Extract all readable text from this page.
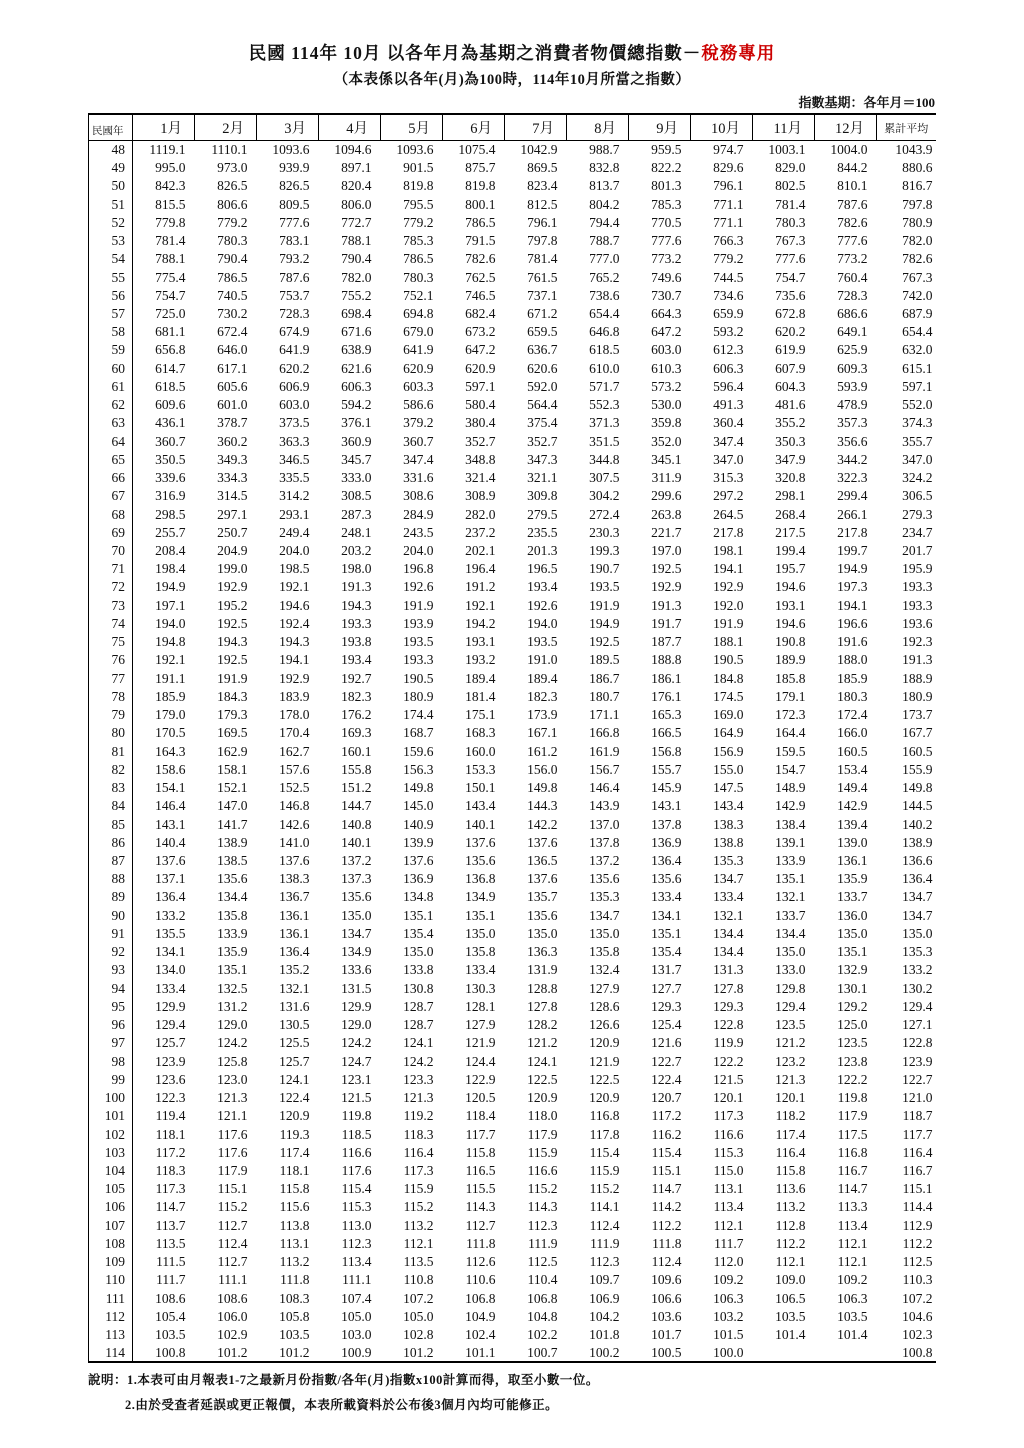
民國 114年 10月 以各年月為基期之消費者物價總指數－稅務專用
（本表係以各年(月)為100時，114年10月所當之指數）
指數基期：各年月＝100
民國年	1月	2月	3月	4月	5月	6月	7月	8月	9月	10月	11月	12月	累計平均
48	1119.1	1110.1	1093.6	1094.6	1093.6	1075.4	1042.9	988.7	959.5	974.7	1003.1	1004.0	1043.9
49	995.0	973.0	939.9	897.1	901.5	875.7	869.5	832.8	822.2	829.6	829.0	844.2	880.6
50	842.3	826.5	826.5	820.4	819.8	819.8	823.4	813.7	801.3	796.1	802.5	810.1	816.7
51	815.5	806.6	809.5	806.0	795.5	800.1	812.5	804.2	785.3	771.1	781.4	787.6	797.8
52	779.8	779.2	777.6	772.7	779.2	786.5	796.1	794.4	770.5	771.1	780.3	782.6	780.9
53	781.4	780.3	783.1	788.1	785.3	791.5	797.8	788.7	777.6	766.3	767.3	777.6	782.0
54	788.1	790.4	793.2	790.4	786.5	782.6	781.4	777.0	773.2	779.2	777.6	773.2	782.6
55	775.4	786.5	787.6	782.0	780.3	762.5	761.5	765.2	749.6	744.5	754.7	760.4	767.3
56	754.7	740.5	753.7	755.2	752.1	746.5	737.1	738.6	730.7	734.6	735.6	728.3	742.0
57	725.0	730.2	728.3	698.4	694.8	682.4	671.2	654.4	664.3	659.9	672.8	686.6	687.9
58	681.1	672.4	674.9	671.6	679.0	673.2	659.5	646.8	647.2	593.2	620.2	649.1	654.4
59	656.8	646.0	641.9	638.9	641.9	647.2	636.7	618.5	603.0	612.3	619.9	625.9	632.0
60	614.7	617.1	620.2	621.6	620.9	620.9	620.6	610.0	610.3	606.3	607.9	609.3	615.1
61	618.5	605.6	606.9	606.3	603.3	597.1	592.0	571.7	573.2	596.4	604.3	593.9	597.1
62	609.6	601.0	603.0	594.2	586.6	580.4	564.4	552.3	530.0	491.3	481.6	478.9	552.0
63	436.1	378.7	373.5	376.1	379.2	380.4	375.4	371.3	359.8	360.4	355.2	357.3	374.3
64	360.7	360.2	363.3	360.9	360.7	352.7	352.7	351.5	352.0	347.4	350.3	356.6	355.7
65	350.5	349.3	346.5	345.7	347.4	348.8	347.3	344.8	345.1	347.0	347.9	344.2	347.0
66	339.6	334.3	335.5	333.0	331.6	321.4	321.1	307.5	311.9	315.3	320.8	322.3	324.2
67	316.9	314.5	314.2	308.5	308.6	308.9	309.8	304.2	299.6	297.2	298.1	299.4	306.5
68	298.5	297.1	293.1	287.3	284.9	282.0	279.5	272.4	263.8	264.5	268.4	266.1	279.3
69	255.7	250.7	249.4	248.1	243.5	237.2	235.5	230.3	221.7	217.8	217.5	217.8	234.7
70	208.4	204.9	204.0	203.2	204.0	202.1	201.3	199.3	197.0	198.1	199.4	199.7	201.7
71	198.4	199.0	198.5	198.0	196.8	196.4	196.5	190.7	192.5	194.1	195.7	194.9	195.9
72	194.9	192.9	192.1	191.3	192.6	191.2	193.4	193.5	192.9	192.9	194.6	197.3	193.3
73	197.1	195.2	194.6	194.3	191.9	192.1	192.6	191.9	191.3	192.0	193.1	194.1	193.3
74	194.0	192.5	192.4	193.3	193.9	194.2	194.0	194.9	191.7	191.9	194.6	196.6	193.6
75	194.8	194.3	194.3	193.8	193.5	193.1	193.5	192.5	187.7	188.1	190.8	191.6	192.3
76	192.1	192.5	194.1	193.4	193.3	193.2	191.0	189.5	188.8	190.5	189.9	188.0	191.3
77	191.1	191.9	192.9	192.7	190.5	189.4	189.4	186.7	186.1	184.8	185.8	185.9	188.9
78	185.9	184.3	183.9	182.3	180.9	181.4	182.3	180.7	176.1	174.5	179.1	180.3	180.9
79	179.0	179.3	178.0	176.2	174.4	175.1	173.9	171.1	165.3	169.0	172.3	172.4	173.7
80	170.5	169.5	170.4	169.3	168.7	168.3	167.1	166.8	166.5	164.9	164.4	166.0	167.7
81	164.3	162.9	162.7	160.1	159.6	160.0	161.2	161.9	156.8	156.9	159.5	160.5	160.5
82	158.6	158.1	157.6	155.8	156.3	153.3	156.0	156.7	155.7	155.0	154.7	153.4	155.9
83	154.1	152.1	152.5	151.2	149.8	150.1	149.8	146.4	145.9	147.5	148.9	149.4	149.8
84	146.4	147.0	146.8	144.7	145.0	143.4	144.3	143.9	143.1	143.4	142.9	142.9	144.5
85	143.1	141.7	142.6	140.8	140.9	140.1	142.2	137.0	137.8	138.3	138.4	139.4	140.2
86	140.4	138.9	141.0	140.1	139.9	137.6	137.6	137.8	136.9	138.8	139.1	139.0	138.9
87	137.6	138.5	137.6	137.2	137.6	135.6	136.5	137.2	136.4	135.3	133.9	136.1	136.6
88	137.1	135.6	138.3	137.3	136.9	136.8	137.6	135.6	135.6	134.7	135.1	135.9	136.4
89	136.4	134.4	136.7	135.6	134.8	134.9	135.7	135.3	133.4	133.4	132.1	133.7	134.7
90	133.2	135.8	136.1	135.0	135.1	135.1	135.6	134.7	134.1	132.1	133.7	136.0	134.7
91	135.5	133.9	136.1	134.7	135.4	135.0	135.0	135.0	135.1	134.4	134.4	135.0	135.0
92	134.1	135.9	136.4	134.9	135.0	135.8	136.3	135.8	135.4	134.4	135.0	135.1	135.3
93	134.0	135.1	135.2	133.6	133.8	133.4	131.9	132.4	131.7	131.3	133.0	132.9	133.2
94	133.4	132.5	132.1	131.5	130.8	130.3	128.8	127.9	127.7	127.8	129.8	130.1	130.2
95	129.9	131.2	131.6	129.9	128.7	128.1	127.8	128.6	129.3	129.3	129.4	129.2	129.4
96	129.4	129.0	130.5	129.0	128.7	127.9	128.2	126.6	125.4	122.8	123.5	125.0	127.1
97	125.7	124.2	125.5	124.2	124.1	121.9	121.2	120.9	121.6	119.9	121.2	123.5	122.8
98	123.9	125.8	125.7	124.7	124.2	124.4	124.1	121.9	122.7	122.2	123.2	123.8	123.9
99	123.6	123.0	124.1	123.1	123.3	122.9	122.5	122.5	122.4	121.5	121.3	122.2	122.7
100	122.3	121.3	122.4	121.5	121.3	120.5	120.9	120.9	120.7	120.1	120.1	119.8	121.0
101	119.4	121.1	120.9	119.8	119.2	118.4	118.0	116.8	117.2	117.3	118.2	117.9	118.7
102	118.1	117.6	119.3	118.5	118.3	117.7	117.9	117.8	116.2	116.6	117.4	117.5	117.7
103	117.2	117.6	117.4	116.6	116.4	115.8	115.9	115.4	115.4	115.3	116.4	116.8	116.4
104	118.3	117.9	118.1	117.6	117.3	116.5	116.6	115.9	115.1	115.0	115.8	116.7	116.7
105	117.3	115.1	115.8	115.4	115.9	115.5	115.2	115.2	114.7	113.1	113.6	114.7	115.1
106	114.7	115.2	115.6	115.3	115.2	114.3	114.3	114.1	114.2	113.4	113.2	113.3	114.4
107	113.7	112.7	113.8	113.0	113.2	112.7	112.3	112.4	112.2	112.1	112.8	113.4	112.9
108	113.5	112.4	113.1	112.3	112.1	111.8	111.9	111.9	111.8	111.7	112.2	112.1	112.2
109	111.5	112.7	113.2	113.4	113.5	112.6	112.5	112.3	112.4	112.0	112.1	112.1	112.5
110	111.7	111.1	111.8	111.1	110.8	110.6	110.4	109.7	109.6	109.2	109.0	109.2	110.3
111	108.6	108.6	108.3	107.4	107.2	106.8	106.8	106.9	106.6	106.3	106.5	106.3	107.2
112	105.4	106.0	105.8	105.0	105.0	104.9	104.8	104.2	103.6	103.2	103.5	103.5	104.6
113	103.5	102.9	103.5	103.0	102.8	102.4	102.2	101.8	101.7	101.5	101.4	101.4	102.3
114	100.8	101.2	101.2	100.9	101.2	101.1	100.7	100.2	100.5	100.0			100.8
說明：1.本表可由月報表1-7之最新月份指數/各年(月)指數x100計算而得，取至小數一位。
2.由於受查者延誤或更正報價，本表所載資料於公布後3個月內均可能修正。
